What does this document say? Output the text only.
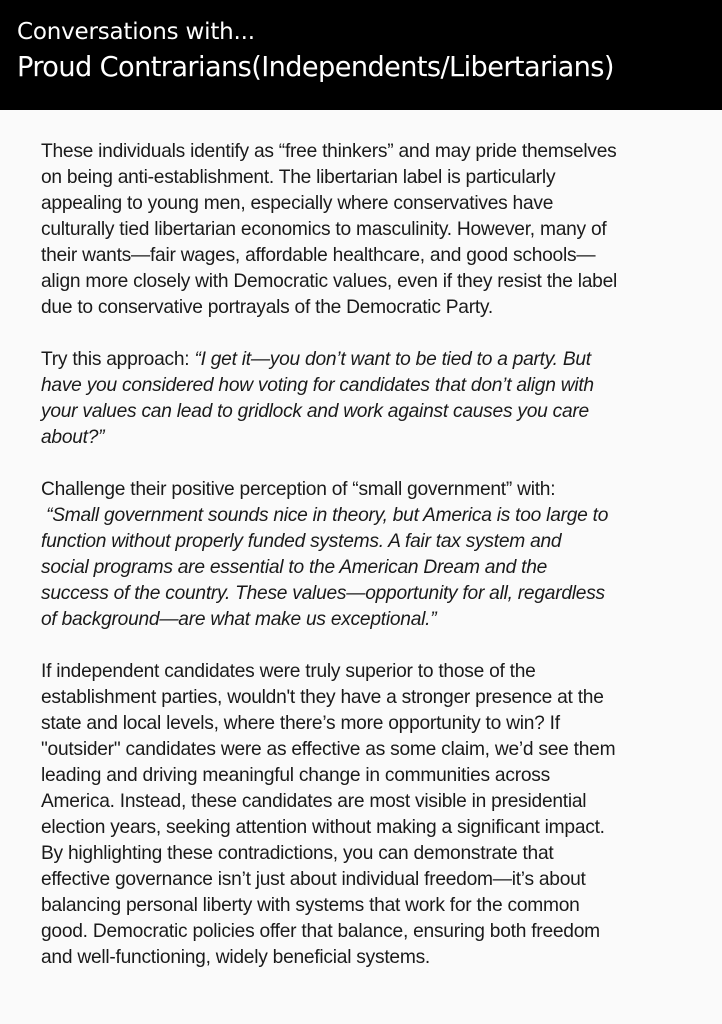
Conversations with...
Proud Contrarians(Independents/Libertarians)

These individuals identify as “free thinkers” and may pride themselves
on being anti-establishment. The libertarian label is particularly
appealing to young men, especially where conservatives have
culturally tied libertarian economics to masculinity. However, many of
their wants—fair wages, affordable healthcare, and good schools—
align more closely with Democratic values, even if they resist the label
due to conservative portrayals of the Democratic Party.

Try this approach: “I get it—you don’t want to be tied to a party. But
have you considered how voting for candidates that don’t align with
your values can lead to gridlock and work against causes you care
about?”

Challenge their positive perception of “small government” with:
“Small government sounds nice in theory, but America is too large to
function without properly funded systems. A fair tax system and
social programs are essential to the American Dream and the
success of the country. These values—opportunity for all, regardless
of background—are what make us exceptional.”

If independent candidates were truly superior to those of the
establishment parties, wouldn't they have a stronger presence at the
state and local levels, where there’s more opportunity to win? If
"outsider" candidates were as effective as some claim, we’d see them
leading and driving meaningful change in communities across
America. Instead, these candidates are most visible in presidential
election years, seeking attention without making a significant impact.
By highlighting these contradictions, you can demonstrate that
effective governance isn’t just about individual freedom—it’s about
balancing personal liberty with systems that work for the common
good. Democratic policies offer that balance, ensuring both freedom
and well-functioning, widely beneficial systems.
